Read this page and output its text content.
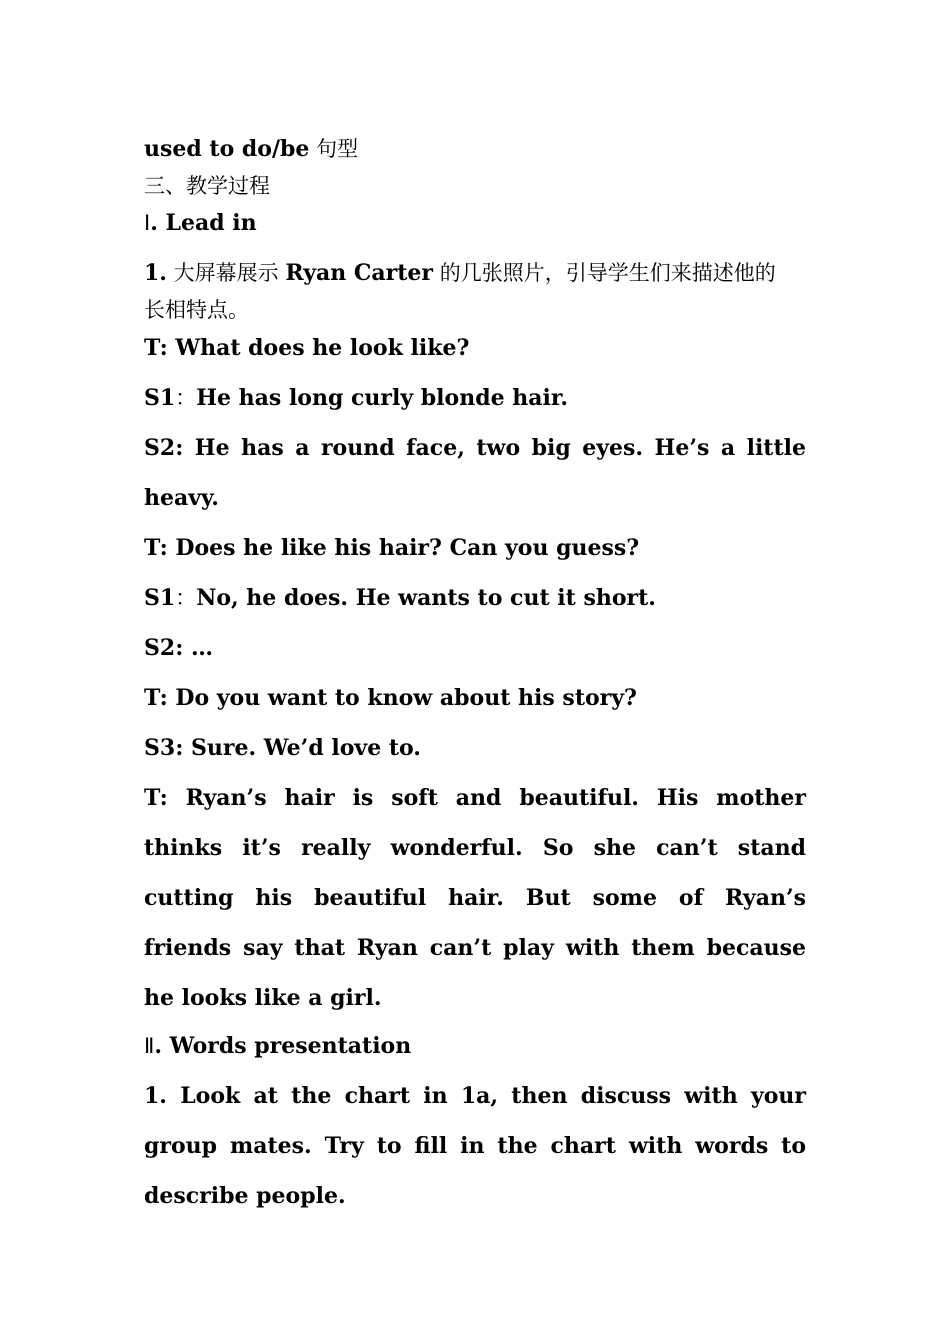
used to do/be 句型
三、教学过程
Ⅰ. Lead in
1. 大屏幕展示 Ryan Carter 的几张照片，引导学生们来描述他的
长相特点。
T: What does he look like?
S1：He has long curly blonde hair.
S2: He has a round face, two big eyes. He’s a little
heavy.
T: Does he like his hair? Can you guess?
S1：No, he does. He wants to cut it short.
S2: …
T: Do you want to know about his story?
S3: Sure. We’d love to.
T: Ryan’s hair is soft and beautiful. His mother
thinks it’s really wonderful. So she can’t stand
cutting his beautiful hair. But some of Ryan’s
friends say that Ryan can’t play with them because
he looks like a girl.
Ⅱ. Words presentation
1. Look at the chart in 1a, then discuss with your
group mates. Try to fill in the chart with words to
describe people.
